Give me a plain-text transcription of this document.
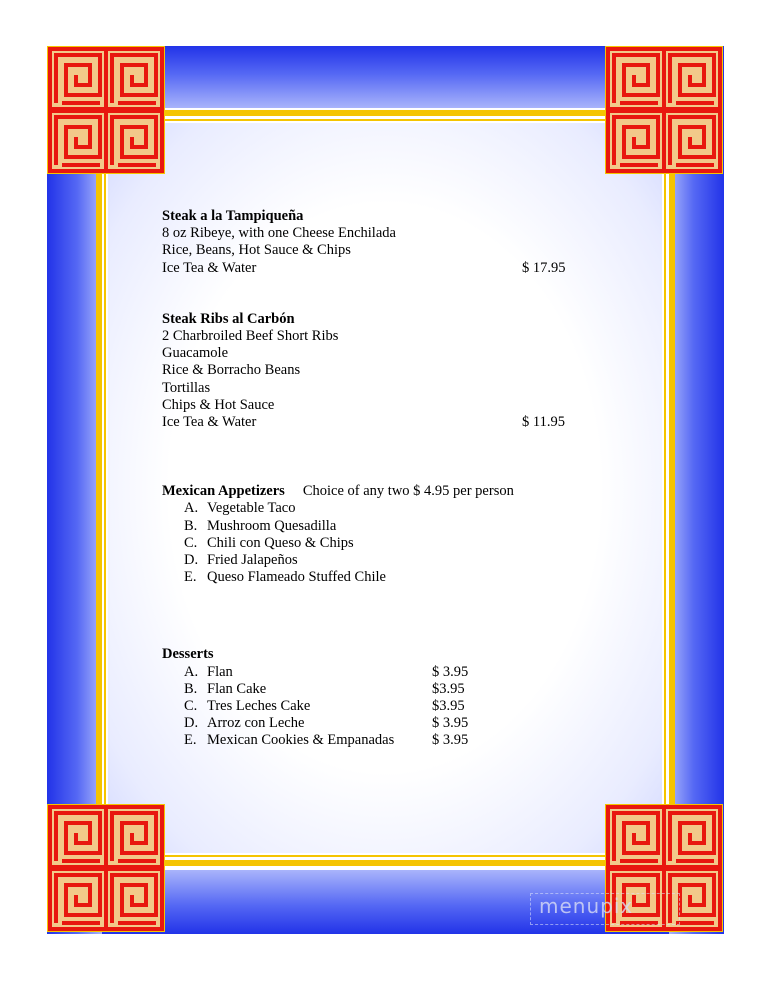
Steak a la Tampiqueña
8 oz Ribeye, with one Cheese Enchilada
Rice, Beans, Hot Sauce & Chips
Ice Tea & Water	$ 17.95
Steak Ribs al Carbón
2 Charbroiled Beef Short Ribs
Guacamole
Rice & Borracho Beans
Tortillas
Chips & Hot Sauce
Ice Tea & Water	$ 11.95
Mexican Appetizers Choice of any two $ 4.95 per person
A. Vegetable Taco
B. Mushroom Quesadilla
C. Chili con Queso & Chips
D. Fried Jalapeños
E. Queso Flameado Stuffed Chile
Desserts
A. Flan	$ 3.95
B. Flan Cake	$3.95
C. Tres Leches Cake	$3.95
D. Arroz con Leche	$ 3.95
E. Mexican Cookies & Empanadas	$ 3.95
menupix
